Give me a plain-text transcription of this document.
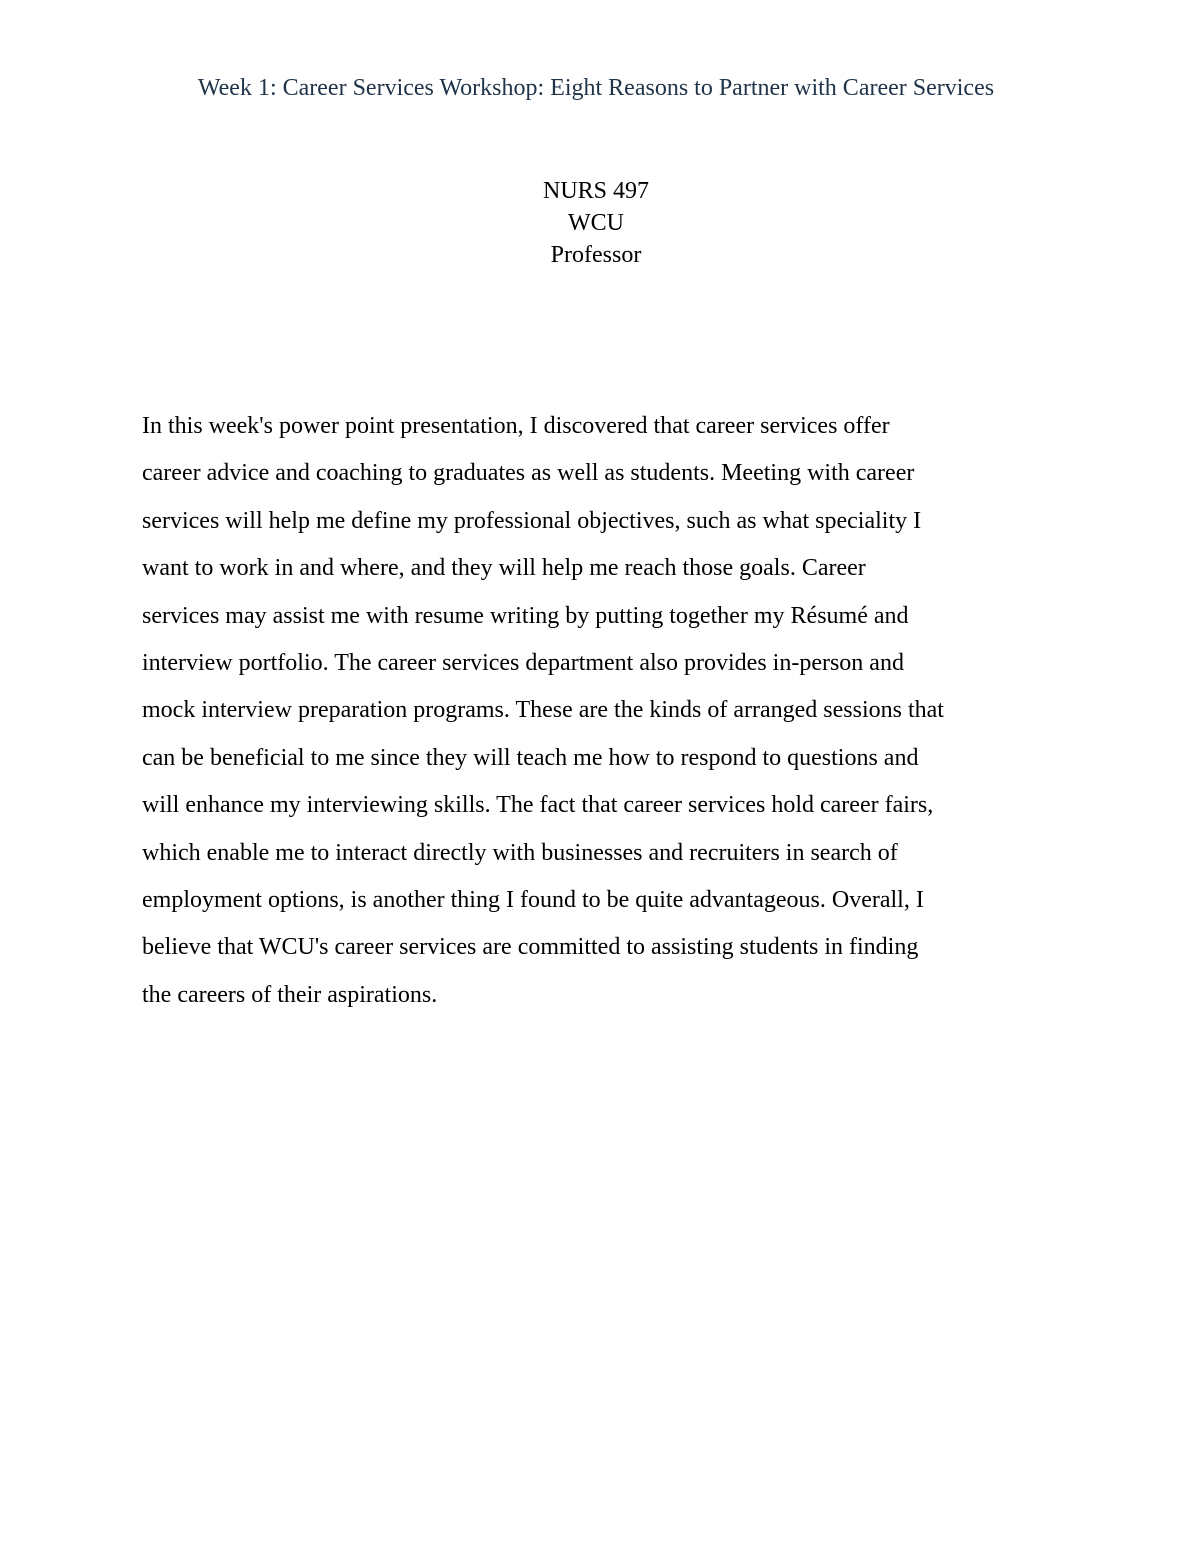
Week 1: Career Services Workshop: Eight Reasons to Partner with Career Services
NURS 497
WCU
Professor

In this week's power point presentation, I discovered that career services offer
career advice and coaching to graduates as well as students. Meeting with career
services will help me define my professional objectives, such as what speciality I
want to work in and where, and they will help me reach those goals. Career
services may assist me with resume writing by putting together my Résumé and
interview portfolio. The career services department also provides in-person and
mock interview preparation programs. These are the kinds of arranged sessions that
can be beneficial to me since they will teach me how to respond to questions and
will enhance my interviewing skills. The fact that career services hold career fairs,
which enable me to interact directly with businesses and recruiters in search of
employment options, is another thing I found to be quite advantageous. Overall, I
believe that WCU's career services are committed to assisting students in finding
the careers of their aspirations.
